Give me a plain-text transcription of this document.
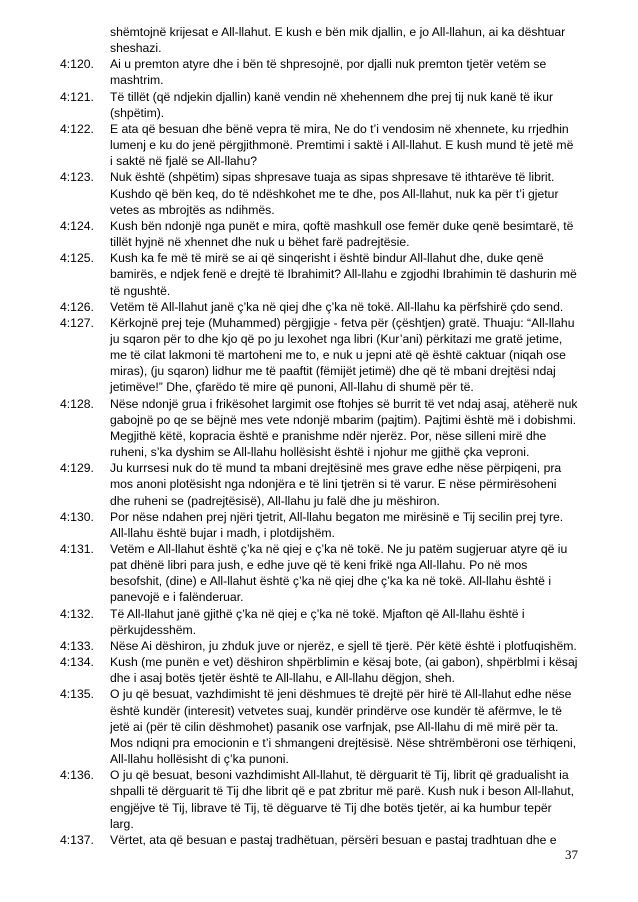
shëmtojnë krijesat e All-llahut. E kush e bën mik djallin, e jo All-llahun, ai ka dështuar sheshazi.
4:120.	Ai u premton atyre dhe i bën të shpresojnë, por djalli nuk premton tjetër vetëm se mashtrim.
4:121.	Të tillët (që ndjekin djallin) kanë vendin në xhehennem dhe prej tij nuk kanë të ikur (shpëtim).
4:122.	E ata që besuan dhe bënë vepra të mira, Ne do t’i vendosim në xhennete, ku rrjedhin lumenj e ku do jenë përgjithmonë. Premtimi i saktë i All-llahut. E kush mund të jetë më i saktë në fjalë se All-llahu?
4:123.	Nuk është (shpëtim) sipas shpresave tuaja as sipas shpresave të ithtarëve të librit. Kushdo që bën keq, do të ndëshkohet me te dhe, pos All-llahut, nuk ka për t’i gjetur vetes as mbrojtës as ndihmës.
4:124.	Kush bën ndonjë nga punët e mira, qoftë mashkull ose femër duke qenë besimtarë, të tillët hyjnë në xhennet dhe nuk u bëhet farë padrejtësie.
4:125.	Kush ka fe më të mirë se ai që sinqerisht i është bindur All-llahut dhe, duke qenë bamirës, e ndjek fenë e drejtë të Ibrahimit? All-llahu e zgjodhi Ibrahimin të dashurin më të ngushtë.
4:126.	Vetëm të All-llahut janë ç’ka në qiej dhe ç’ka në tokë. All-llahu ka përfshirë çdo send.
4:127.	Kërkojnë prej teje (Muhammed) përgjigje - fetva për (çështjen) gratë. Thuaju: “All-llahu ju sqaron për to dhe kjo që po ju lexohet nga libri (Kur’ani) përkitazi me gratë jetime, me të cilat lakmoni të martoheni me to, e nuk u jepni atë që është caktuar (niqah ose miras), (ju sqaron) lidhur me të paaftit (fëmijët jetimë) dhe që të mbani drejtësi ndaj jetimëve!” Dhe, çfarëdo të mire që punoni, All-llahu di shumë për të.
4:128.	Nëse ndonjë grua i frikësohet largimit ose ftohjes së burrit të vet ndaj asaj, atëherë nuk gabojnë po qe se bëjnë mes vete ndonjë mbarim (pajtim). Pajtimi është më i dobishmi. Megjithë këtë, kopracia është e pranishme ndër njerëz. Por, nëse silleni mirë dhe ruheni, s’ka dyshim se All-llahu hollësisht është i njohur me gjithë çka veproni.
4:129.	Ju kurrsesi nuk do të mund ta mbani drejtësinë mes grave edhe nëse përpiqeni, pra mos anoni plotësisht nga ndonjëra e të lini tjetrën si të varur. E nëse përmirësoheni dhe ruheni se (padrejtësisë), All-llahu ju falë dhe ju mëshiron.
4:130.	Por nëse ndahen prej njëri tjetrit, All-llahu begaton me mirësinë e Tij secilin prej tyre. All-llahu është bujar i madh, i plotdijshëm.
4:131.	Vetëm e All-llahut është ç’ka në qiej e ç’ka në tokë. Ne ju patëm sugjeruar atyre që iu pat dhënë libri para jush, e edhe juve që të keni frikë nga All-llahu. Po në mos besofshit, (dine) e All-llahut është ç’ka në qiej dhe ç’ka ka në tokë. All-llahu është i panevojë e i falënderuar.
4:132.	Të All-llahut janë gjithë ç’ka në qiej e ç’ka në tokë. Mjafton që All-llahu është i përkujdesshëm.
4:133.	Nëse Ai dëshiron, ju zhduk juve or njerëz, e sjell të tjerë. Për këtë është i plotfuqishëm.
4:134.	Kush (me punën e vet) dëshiron shpërblimin e kësaj bote, (ai gabon), shpërblmi i kësaj dhe i asaj botës tjetër është te All-llahu, e All-llahu dëgjon, sheh.
4:135.	O ju që besuat, vazhdimisht të jeni dëshmues të drejtë për hirë të All-llahut edhe nëse është kundër (interesit) vetvetes suaj, kundër prindërve ose kundër të afërmve, le të jetë ai (për të cilin dëshmohet) pasanik ose varfnjak, pse All-llahu di më mirë për ta. Mos ndiqni pra emocionin e t’i shmangeni drejtësisë. Nëse shtrëmbëroni ose tërhiqeni, All-llahu hollësisht di ç’ka punoni.
4:136.	O ju që besuat, besoni vazhdimisht All-llahut, të dërguarit të Tij, librit që gradualisht ia shpalli të dërguarit të Tij dhe librit që e pat zbritur më parë. Kush nuk i beson All-llahut, engjëjve të Tij, librave të Tij, të dëguarve të Tij dhe botës tjetër, ai ka humbur tepër larg.
4:137.	Vërtet, ata që besuan e pastaj tradhëtuan, përsëri besuan e pastaj tradhtuan dhe e
37
